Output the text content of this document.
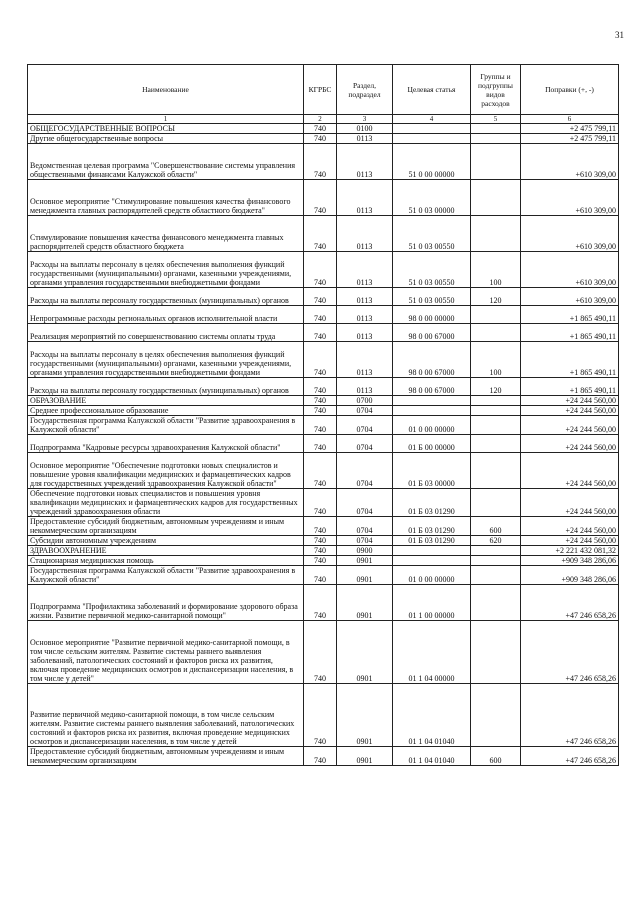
31
Наименование	КГРБС	Раздел, подраздел	Целевая статья	Группы и подгруппы видов расходов	Поправки (+, -)
1	2	3	4	5	6
ОБЩЕГОСУДАРСТВЕННЫЕ ВОПРОСЫ	740	0100			+2 475 799,11
Другие общегосударственные вопросы	740	0113			+2 475 799,11
Ведомственная целевая программа "Совершенствование системы управления общественными финансами Калужской области"	740	0113	51 0 00 00000		+610 309,00
Основное мероприятие "Стимулирование повышения качества финансового менеджмента главных распорядителей средств областного бюджета"	740	0113	51 0 03 00000		+610 309,00
Стимулирование повышения качества финансового менеджмента главных распорядителей средств областного бюджета	740	0113	51 0 03 00550		+610 309,00
Расходы на выплаты персоналу в целях обеспечения выполнения функций государственными (муниципальными) органами, казенными учреждениями, органами управления государственными внебюджетными фондами	740	0113	51 0 03 00550	100	+610 309,00
Расходы на выплаты персоналу государственных (муниципальных) органов	740	0113	51 0 03 00550	120	+610 309,00
Непрограммные расходы региональных органов исполнительной власти	740	0113	98 0 00 00000		+1 865 490,11
Реализация мероприятий по совершенствованию системы оплаты труда	740	0113	98 0 00 67000		+1 865 490,11
Расходы на выплаты персоналу в целях обеспечения выполнения функций государственными (муниципальными) органами, казенными учреждениями, органами управления государственными внебюджетными фондами	740	0113	98 0 00 67000	100	+1 865 490,11
Расходы на выплаты персоналу государственных (муниципальных) органов	740	0113	98 0 00 67000	120	+1 865 490,11
ОБРАЗОВАНИЕ	740	0700			+24 244 560,00
Среднее профессиональное образование	740	0704			+24 244 560,00
Государственная программа Калужской области "Развитие здравоохранения в Калужской области"	740	0704	01 0 00 00000		+24 244 560,00
Подпрограмма "Кадровые ресурсы здравоохранения Калужской области"	740	0704	01 Б 00 00000		+24 244 560,00
Основное мероприятие "Обеспечение подготовки новых специалистов и повышение уровня квалификации медицинских и фармацевтических кадров для государственных учреждений здравоохранения Калужской области"	740	0704	01 Б 03 00000		+24 244 560,00
Обеспечение подготовки новых специалистов и повышения уровня квалификации медицинских и фармацевтических кадров для государственных учреждений здравоохранения области	740	0704	01 Б 03 01290		+24 244 560,00
Предоставление субсидий бюджетным, автономным учреждениям и иным некоммерческим организациям	740	0704	01 Б 03 01290	600	+24 244 560,00
Субсидии автономным учреждениям	740	0704	01 Б 03 01290	620	+24 244 560,00
ЗДРАВООХРАНЕНИЕ	740	0900			+2 221 432 081,32
Стационарная медицинская помощь	740	0901			+909 348 286,06
Государственная программа Калужской области "Развитие здравоохранения в Калужской области"	740	0901	01 0 00 00000		+909 348 286,06
Подпрограмма "Профилактика заболеваний и формирование здорового образа жизни. Развитие первичной медико-санитарной помощи"	740	0901	01 1 00 00000		+47 246 658,26
Основное мероприятие "Развитие первичной медико-санитарной помощи, в том числе сельским жителям. Развитие системы раннего выявления заболеваний, патологических состояний и факторов риска их развития, включая проведение медицинских осмотров и диспансеризации населения, в том числе у детей"	740	0901	01 1 04 00000		+47 246 658,26
Развитие первичной медико-санитарной помощи, в том числе сельским жителям. Развитие системы раннего выявления заболеваний, патологических состояний и факторов риска их развития, включая проведение медицинских осмотров и диспансеризации населения, в том числе у детей	740	0901	01 1 04 01040		+47 246 658,26
Предоставление субсидий бюджетным, автономным учреждениям и иным некоммерческим организациям	740	0901	01 1 04 01040	600	+47 246 658,26
